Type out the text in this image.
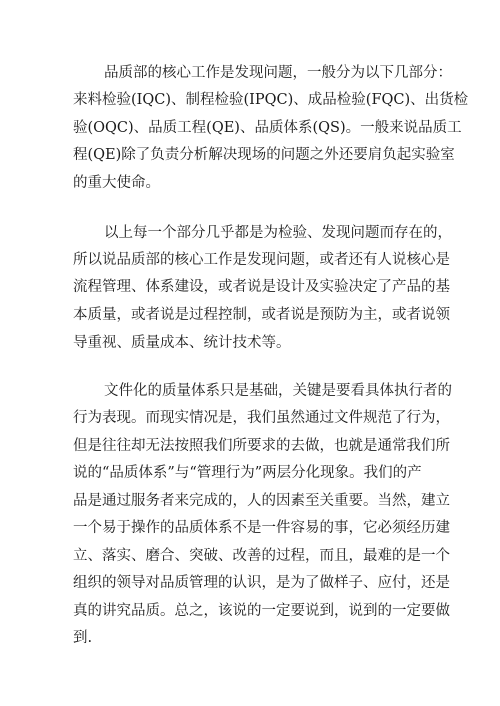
品质部的核心工作是发现问题，一般分为以下几部分：

来料检验(IQC)、制程检验(IPQC)、成品检验(FQC)、出货检

验(OQC)、品质工程(QE)、品质体系(QS)。一般来说品质工

程(QE)除了负责分析解决现场的问题之外还要肩负起实验室

的重大使命。

以上每一个部分几乎都是为检验、发现问题而存在的，

所以说品质部的核心工作是发现问题，或者还有人说核心是

流程管理、体系建设，或者说是设计及实验决定了产品的基

本质量，或者说是过程控制，或者说是预防为主，或者说领

导重视、质量成本、统计技术等。

文件化的质量体系只是基础，关键是要看具体执行者的

行为表现。而现实情况是，我们虽然通过文件规范了行为，

但是往往却无法按照我们所要求的去做，也就是通常我们所

说的“品质体系”与“管理行为”两层分化现象。我们的产

品是通过服务者来完成的，人的因素至关重要。当然，建立

一个易于操作的品质体系不是一件容易的事，它必须经历建

立、落实、磨合、突破、改善的过程，而且，最难的是一个

组织的领导对品质管理的认识，是为了做样子、应付，还是

真的讲究品质。总之，该说的一定要说到，说到的一定要做

到.
